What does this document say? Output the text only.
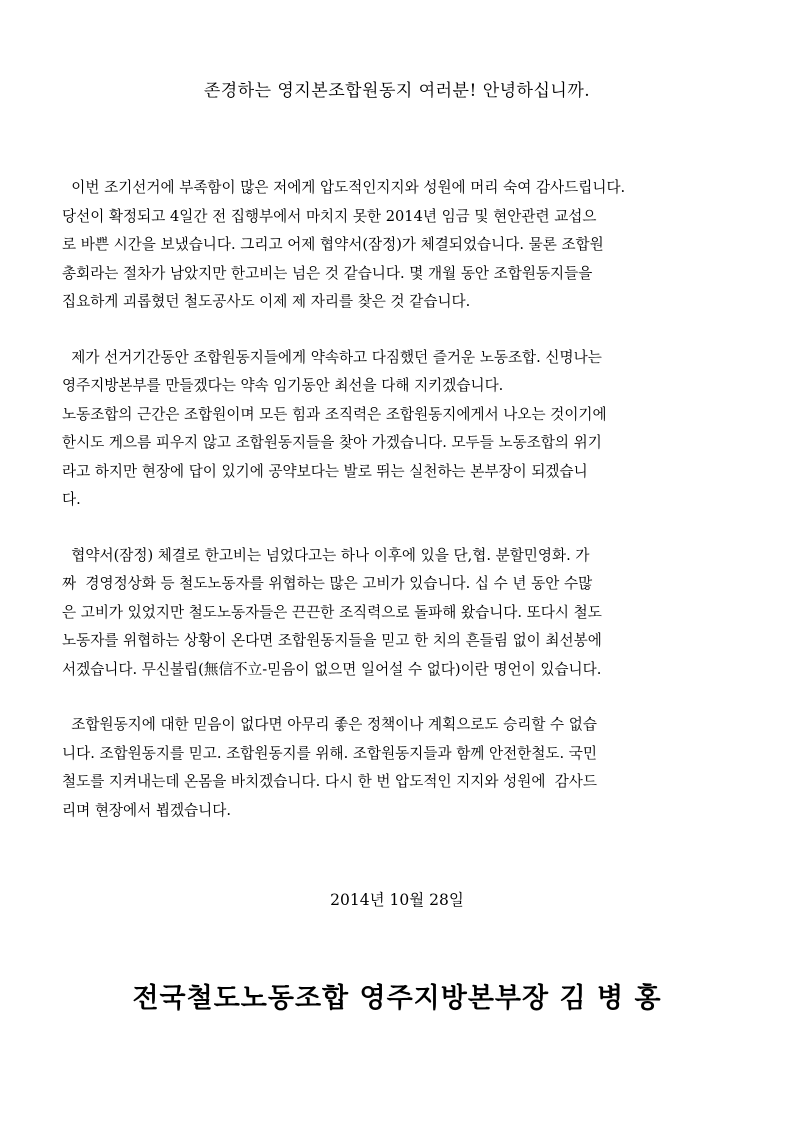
존경하는 영지본조합원동지 여러분! 안녕하십니까.
이번 조기선거에 부족함이 많은 저에게 압도적인지지와 성원에 머리 숙여 감사드립니다.
당선이 확정되고 4일간 전 집행부에서 마치지 못한 2014년 임금 및 현안관련 교섭으
로 바쁜 시간을 보냈습니다. 그리고 어제 협약서(잠정)가 체결되었습니다. 물론 조합원
총회라는 절차가 남았지만 한고비는 넘은 것 같습니다. 몇 개월 동안 조합원동지들을
집요하게 괴롭혔던 철도공사도 이제 제 자리를 찾은 것 같습니다.
제가 선거기간동안 조합원동지들에게 약속하고 다짐했던 즐거운 노동조합. 신명나는
영주지방본부를 만들겠다는 약속 임기동안 최선을 다해 지키겠습니다.
노동조합의 근간은 조합원이며 모든 힘과 조직력은 조합원동지에게서 나오는 것이기에
한시도 게으름 피우지 않고 조합원동지들을 찾아 가겠습니다. 모두들 노동조합의 위기
라고 하지만 현장에 답이 있기에 공약보다는 발로 뛰는 실천하는 본부장이 되겠습니
다.
협약서(잠정) 체결로 한고비는 넘었다고는 하나 이후에 있을 단,협. 분할민영화. 가
짜  경영정상화 등 철도노동자를 위협하는 많은 고비가 있습니다. 십 수 년 동안 수많
은 고비가 있었지만 철도노동자들은 끈끈한 조직력으로 돌파해 왔습니다. 또다시 철도
노동자를 위협하는 상황이 온다면 조합원동지들을 믿고 한 치의 흔들림 없이 최선봉에
서겠습니다. 무신불립(無信不立-믿음이 없으면 일어설 수 없다)이란 명언이 있습니다.
조합원동지에 대한 믿음이 없다면 아무리 좋은 정책이나 계획으로도 승리할 수 없습
니다. 조합원동지를 믿고. 조합원동지를 위해. 조합원동지들과 함께 안전한철도. 국민
철도를 지켜내는데 온몸을 바치겠습니다. 다시 한 번 압도적인 지지와 성원에  감사드
리며 현장에서 뵙겠습니다.
2014년 10월 28일
전국철도노동조합 영주지방본부장 김 병 홍
